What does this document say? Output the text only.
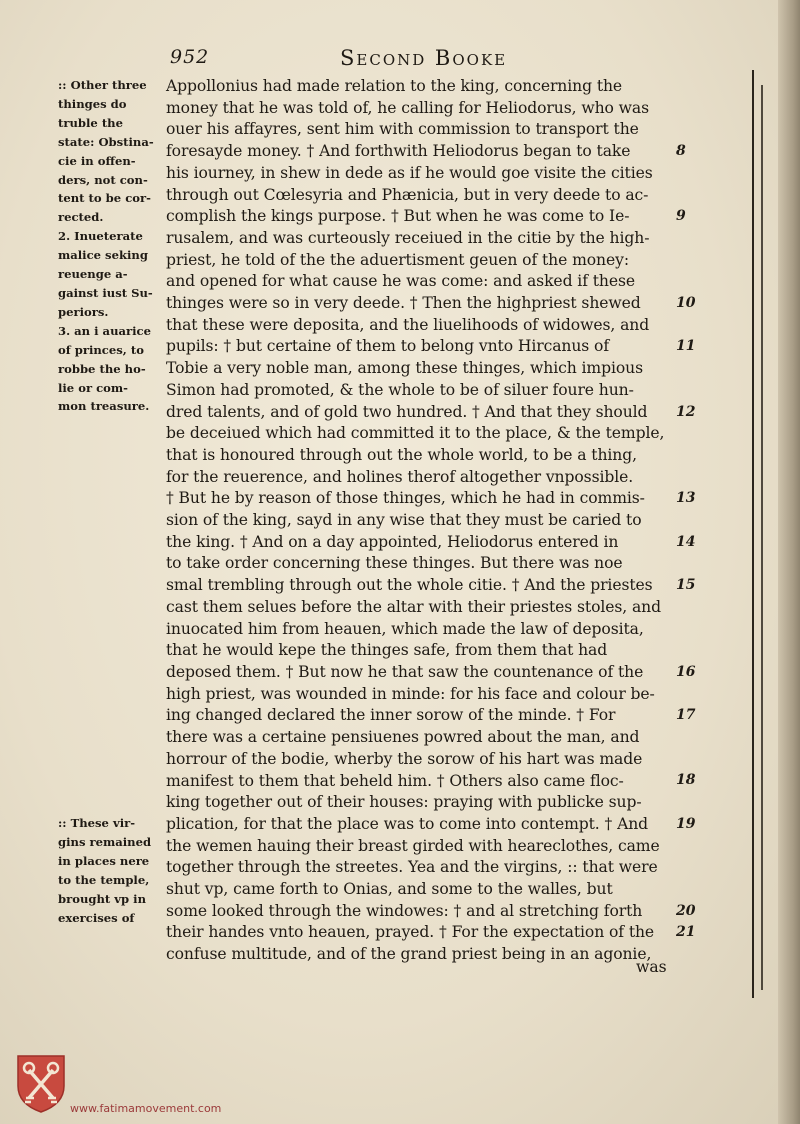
952	Second Booke
:: Other three
thinges do
truble the
state: Obstina-
cie in offen-
ders, not con-
tent to be cor-
rected.
2. Inueterate
malice seking
reuenge a-
gainst iust Su-
periors.
3. an i auarice
of princes, to
robbe the ho-
lie or com-
mon treasure.
:: These vir-
gins remained
in places nere
to the temple,
brought vp in
exercises of
Appollonius had made relation to the king, concerning the
money that he was told of, he calling for Heliodorus, who was
ouer his affayres, sent him with commission to transport the
foresayde money. † And forthwith Heliodorus began to take
his iourney, in shew in dede as if he would goe visite the cities
through out Cœlesyria and Phænicia, but in very deede to ac-
complish the kings purpose. † But when he was come to Ie-
rusalem, and was curteously receiued in the citie by the high-
priest, he told of the the aduertisment geuen of the money:
and opened for what cause he was come: and asked if these
thinges were so in very deede. † Then the highpriest shewed
that these were deposita, and the liuelihoods of widowes, and
pupils: † but certaine of them to belong vnto Hircanus of
Tobie a very noble man, among these thinges, which impious
Simon had promoted, & the whole to be of siluer foure hun-
dred talents, and of gold two hundred. † And that they should
be deceiued which had committed it to the place, & the temple,
that is honoured through out the whole world, to be a thing,
for the reuerence, and holines therof altogether vnpossible.
† But he by reason of those thinges, which he had in commis-
sion of the king, sayd in any wise that they must be caried to
the king. † And on a day appointed, Heliodorus entered in
to take order concerning these thinges. But there was noe
smal trembling through out the whole citie. † And the priestes
cast them selues before the altar with their priestes stoles, and
inuocated him from heauen, which made the law of deposita,
that he would kepe the thinges safe, from them that had
deposed them. † But now he that saw the countenance of the
high priest, was wounded in minde: for his face and colour be-
ing changed declared the inner sorow of the minde. † For
there was a certaine pensiuenes powred about the man, and
horrour of the bodie, wherby the sorow of his hart was made
manifest to them that beheld him. † Others also came floc-
king together out of their houses: praying with publicke sup-
plication, for that the place was to come into contempt. † And
the wemen hauing their breast girded with heareclothes, came
together through the streetes. Yea and the virgins, :: that were
shut vp, came forth to Onias, and some to the walles, but
some looked through the windowes: † and al stretching forth
their handes vnto heauen, prayed. † For the expectation of the
confuse multitude, and of the grand priest being in an agonie,
8
9
10
11
12
13
14
15
16
17
18
19
20
21
was
www.fatimamovement.com
